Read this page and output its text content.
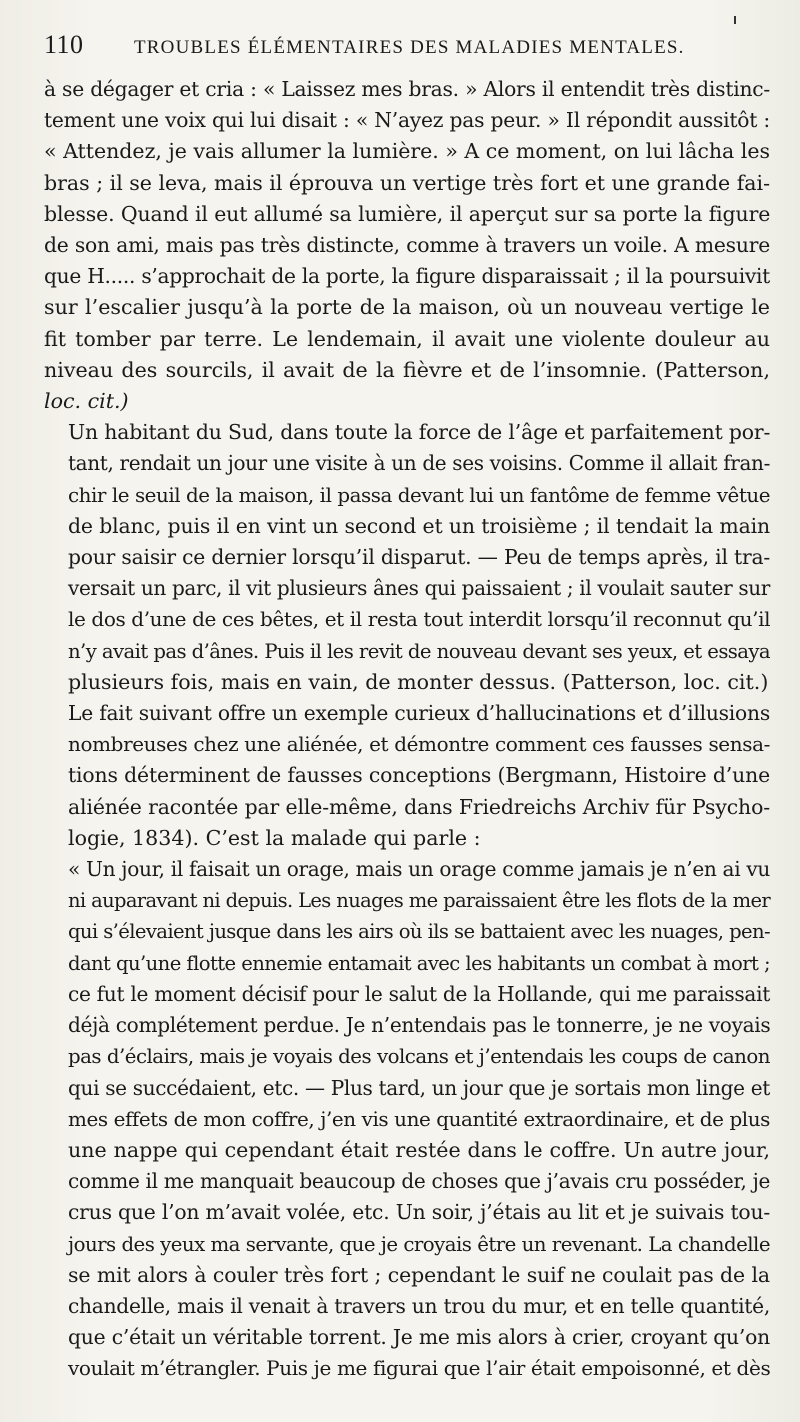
110	TROUBLES ÉLÉMENTAIRES DES MALADIES MENTALES.

à se dégager et cria : « Laissez mes bras. » Alors il entendit très distinc-
tement une voix qui lui disait : « N’ayez pas peur. » Il répondit aussitôt :
« Attendez, je vais allumer la lumière. » A ce moment, on lui lâcha les
bras ; il se leva, mais il éprouva un vertige très fort et une grande fai-
blesse. Quand il eut allumé sa lumière, il aperçut sur sa porte la figure
de son ami, mais pas très distincte, comme à travers un voile. A mesure
que H..... s’approchait de la porte, la figure disparaissait ; il la poursuivit
sur l’escalier jusqu’à la porte de la maison, où un nouveau vertige le
fit tomber par terre. Le lendemain, il avait une violente douleur au
niveau des sourcils, il avait de la fièvre et de l’insomnie. (Patterson,
loc. cit.)

Un habitant du Sud, dans toute la force de l’âge et parfaitement por-
tant, rendait un jour une visite à un de ses voisins. Comme il allait fran-
chir le seuil de la maison, il passa devant lui un fantôme de femme vêtue
de blanc, puis il en vint un second et un troisième ; il tendait la main
pour saisir ce dernier lorsqu’il disparut. — Peu de temps après, il tra-
versait un parc, il vit plusieurs ânes qui paissaient ; il voulait sauter sur
le dos d’une de ces bêtes, et il resta tout interdit lorsqu’il reconnut qu’il
n’y avait pas d’ânes. Puis il les revit de nouveau devant ses yeux, et essaya
plusieurs fois, mais en vain, de monter dessus. (Patterson, loc. cit.)

Le fait suivant offre un exemple curieux d’hallucinations et d’illusions
nombreuses chez une aliénée, et démontre comment ces fausses sensa-
tions déterminent de fausses conceptions (Bergmann, Histoire d’une
aliénée racontée par elle-même, dans Friedreichs Archiv für Psycho-
logie, 1834). C’est la malade qui parle :

« Un jour, il faisait un orage, mais un orage comme jamais je n’en ai vu
ni auparavant ni depuis. Les nuages me paraissaient être les flots de la mer
qui s’élevaient jusque dans les airs où ils se battaient avec les nuages, pen-
dant qu’une flotte ennemie entamait avec les habitants un combat à mort ;
ce fut le moment décisif pour le salut de la Hollande, qui me paraissait
déjà complétement perdue. Je n’entendais pas le tonnerre, je ne voyais
pas d’éclairs, mais je voyais des volcans et j’entendais les coups de canon
qui se succédaient, etc. — Plus tard, un jour que je sortais mon linge et
mes effets de mon coffre, j’en vis une quantité extraordinaire, et de plus
une nappe qui cependant était restée dans le coffre. Un autre jour,
comme il me manquait beaucoup de choses que j’avais cru posséder, je
crus que l’on m’avait volée, etc. Un soir, j’étais au lit et je suivais tou-
jours des yeux ma servante, que je croyais être un revenant. La chandelle
se mit alors à couler très fort ; cependant le suif ne coulait pas de la
chandelle, mais il venait à travers un trou du mur, et en telle quantité,
que c’était un véritable torrent. Je me mis alors à crier, croyant qu’on
voulait m’étrangler. Puis je me figurai que l’air était empoisonné, et dès
